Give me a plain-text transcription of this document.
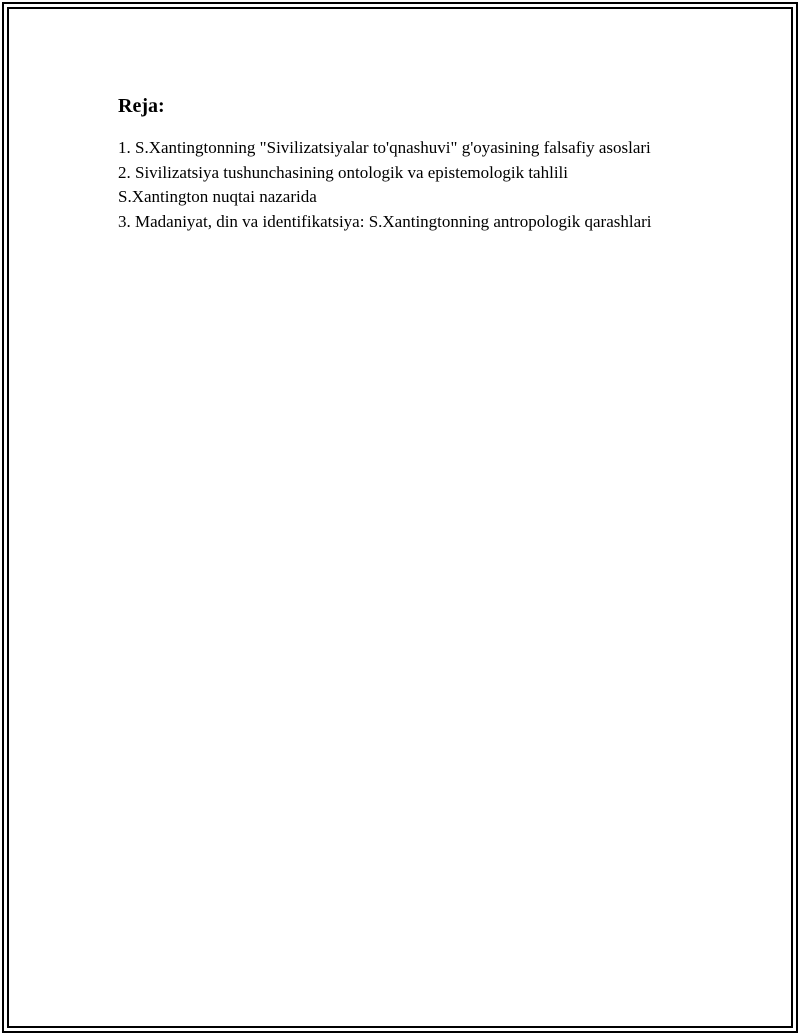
Reja:
1. S.Xantingtonning "Sivilizatsiyalar to'qnashuvi" g'oyasining falsafiy asoslari
2. Sivilizatsiya tushunchasining ontologik va epistemologik tahlili S.Xantington nuqtai nazarida
3. Madaniyat, din va identifikatsiya: S.Xantingtonning antropologik qarashlari
